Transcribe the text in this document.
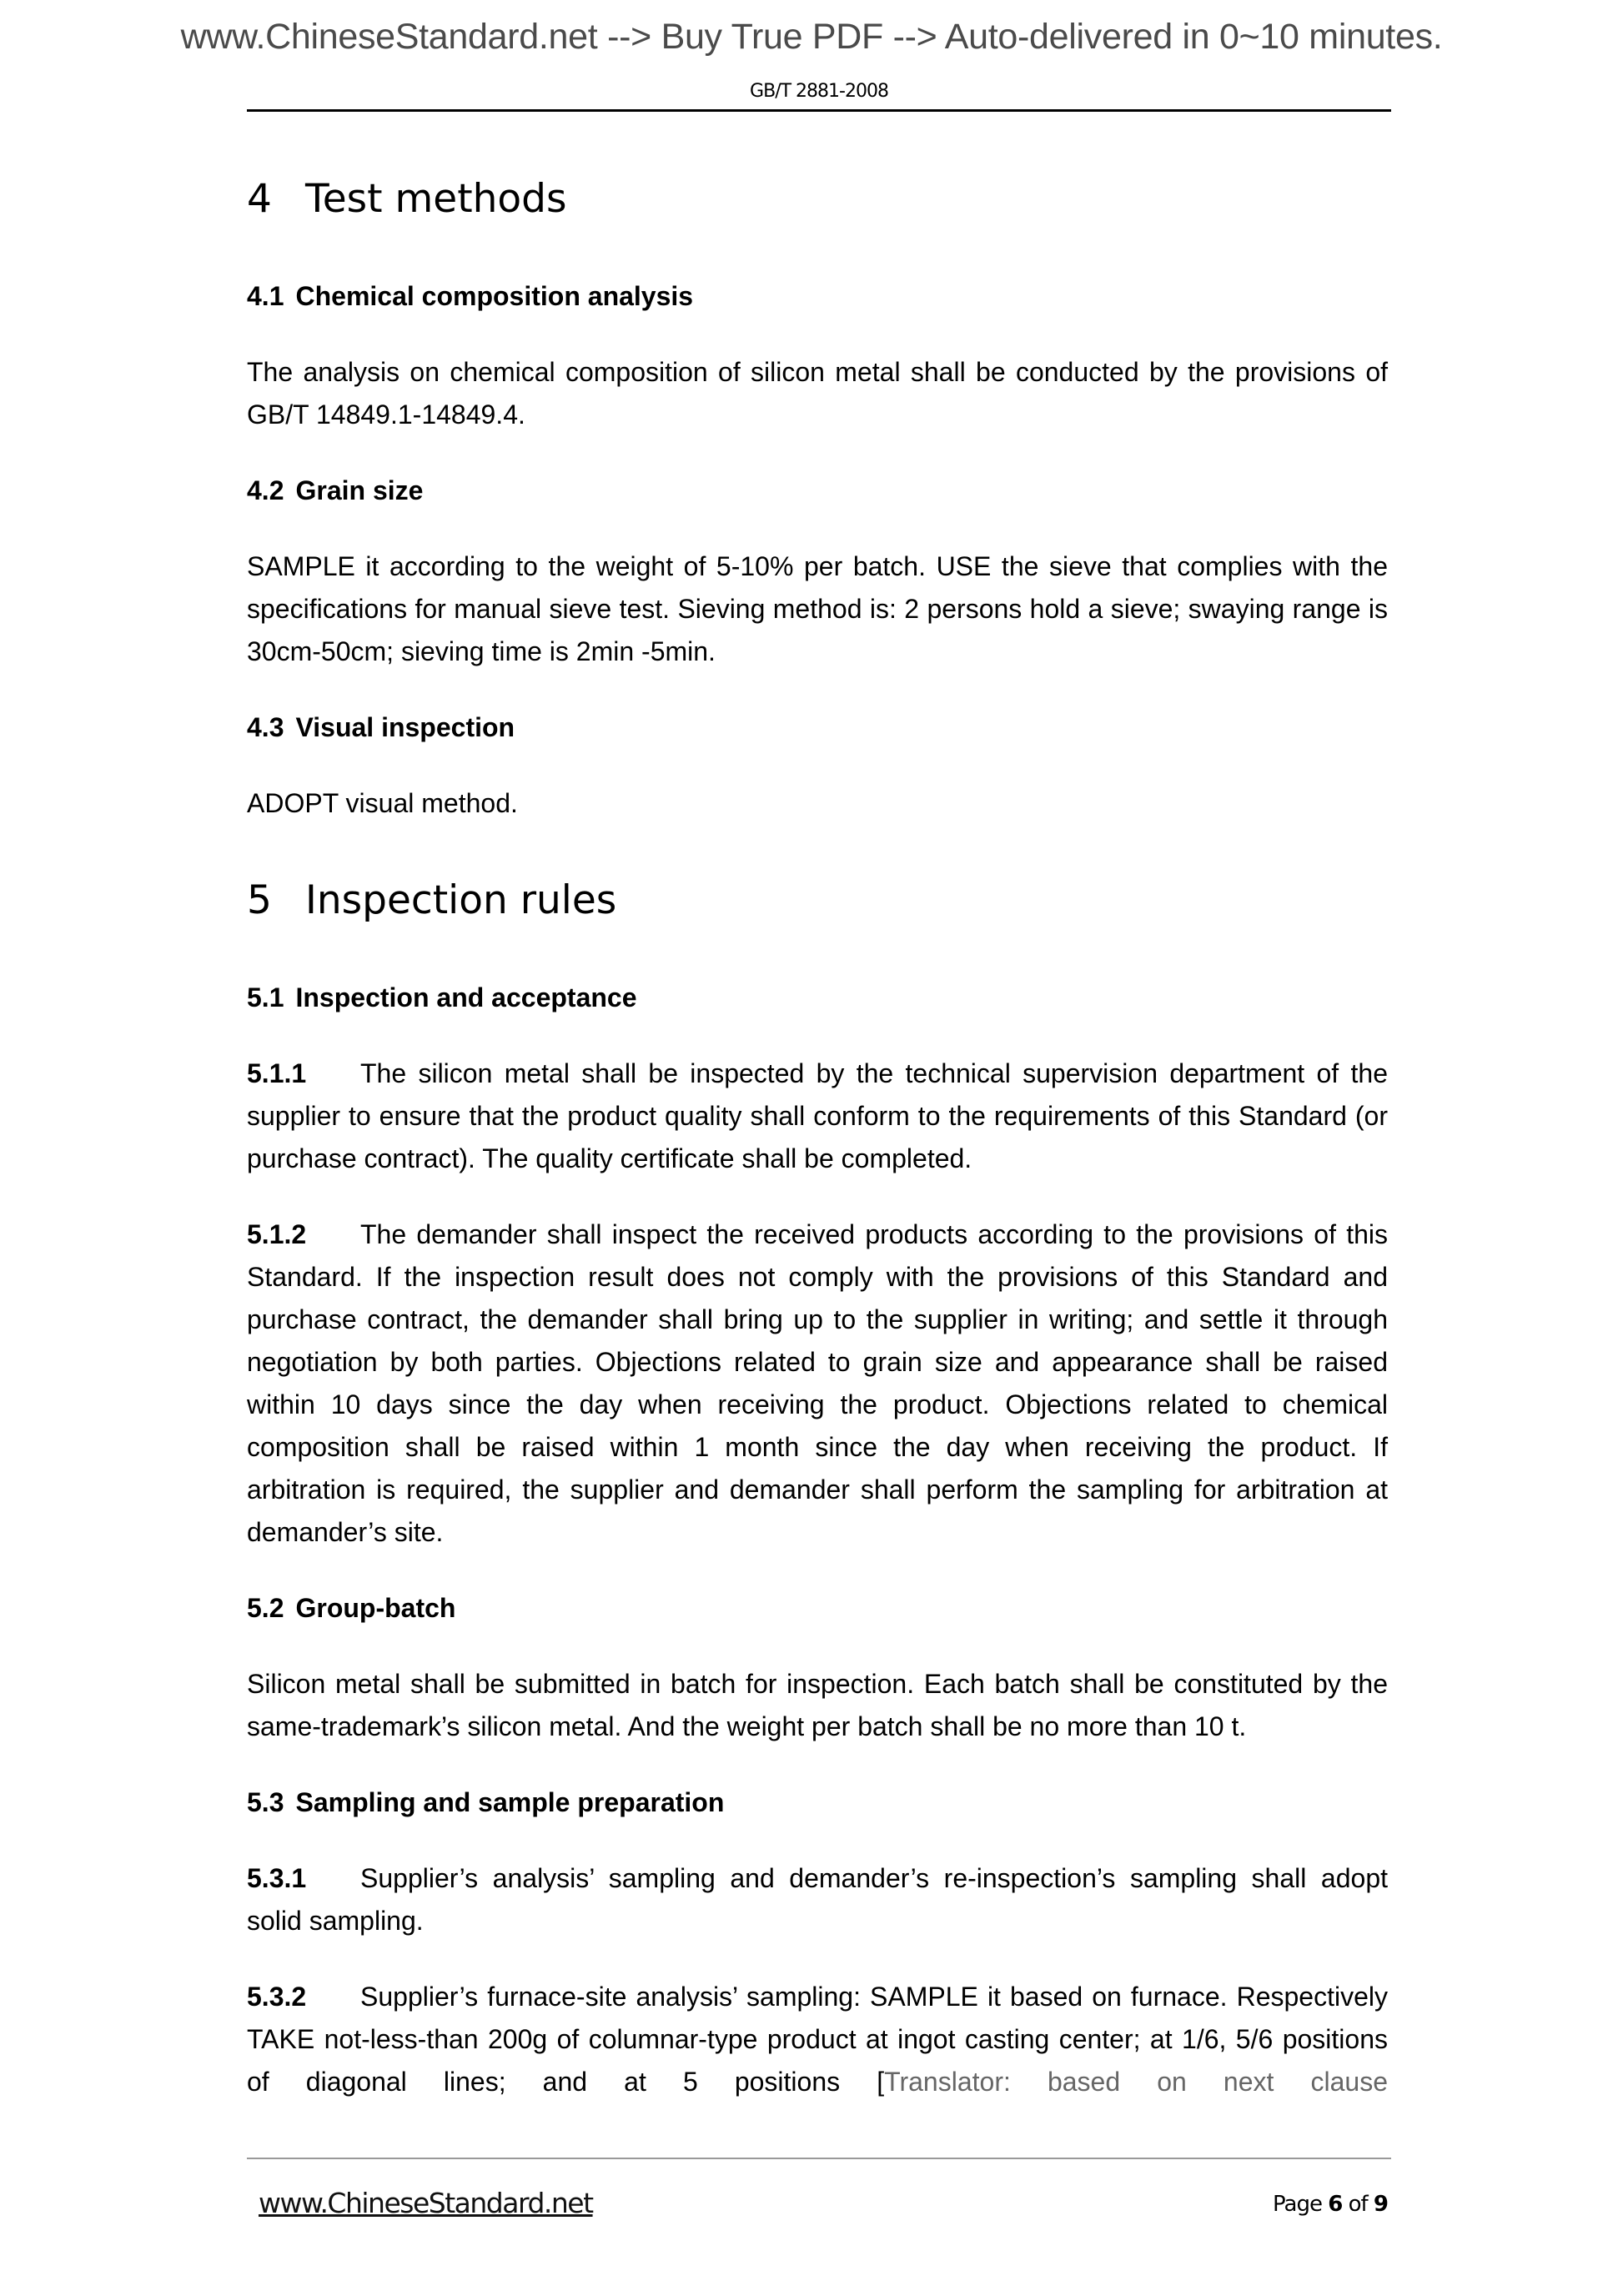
www.ChineseStandard.net --> Buy True PDF --> Auto-delivered in 0~10 minutes.
GB/T 2881-2008
4 Test methods
4.1 Chemical composition analysis
The analysis on chemical composition of silicon metal shall be conducted by the provisions of GB/T 14849.1-14849.4.
4.2 Grain size
SAMPLE it according to the weight of 5-10% per batch. USE the sieve that complies with the specifications for manual sieve test. Sieving method is: 2 persons hold a sieve; swaying range is 30cm-50cm; sieving time is 2min -5min.
4.3 Visual inspection
ADOPT visual method.
5 Inspection rules
5.1 Inspection and acceptance
5.1.1 The silicon metal shall be inspected by the technical supervision department of the supplier to ensure that the product quality shall conform to the requirements of this Standard (or purchase contract). The quality certificate shall be completed.
5.1.2 The demander shall inspect the received products according to the provisions of this Standard. If the inspection result does not comply with the provisions of this Standard and purchase contract, the demander shall bring up to the supplier in writing; and settle it through negotiation by both parties. Objections related to grain size and appearance shall be raised within 10 days since the day when receiving the product. Objections related to chemical composition shall be raised within 1 month since the day when receiving the product. If arbitration is required, the supplier and demander shall perform the sampling for arbitration at demander’s site.
5.2 Group-batch
Silicon metal shall be submitted in batch for inspection. Each batch shall be constituted by the same-trademark’s silicon metal. And the weight per batch shall be no more than 10 t.
5.3 Sampling and sample preparation
5.3.1 Supplier’s analysis’ sampling and demander’s re-inspection’s sampling shall adopt solid sampling.
5.3.2 Supplier’s furnace-site analysis’ sampling: SAMPLE it based on furnace. Respectively TAKE not-less-than 200g of columnar-type product at ingot casting center; at 1/6, 5/6 positions of diagonal lines; and at 5 positions [Translator: based on next clause
www.ChineseStandard.net	Page 6 of 9
